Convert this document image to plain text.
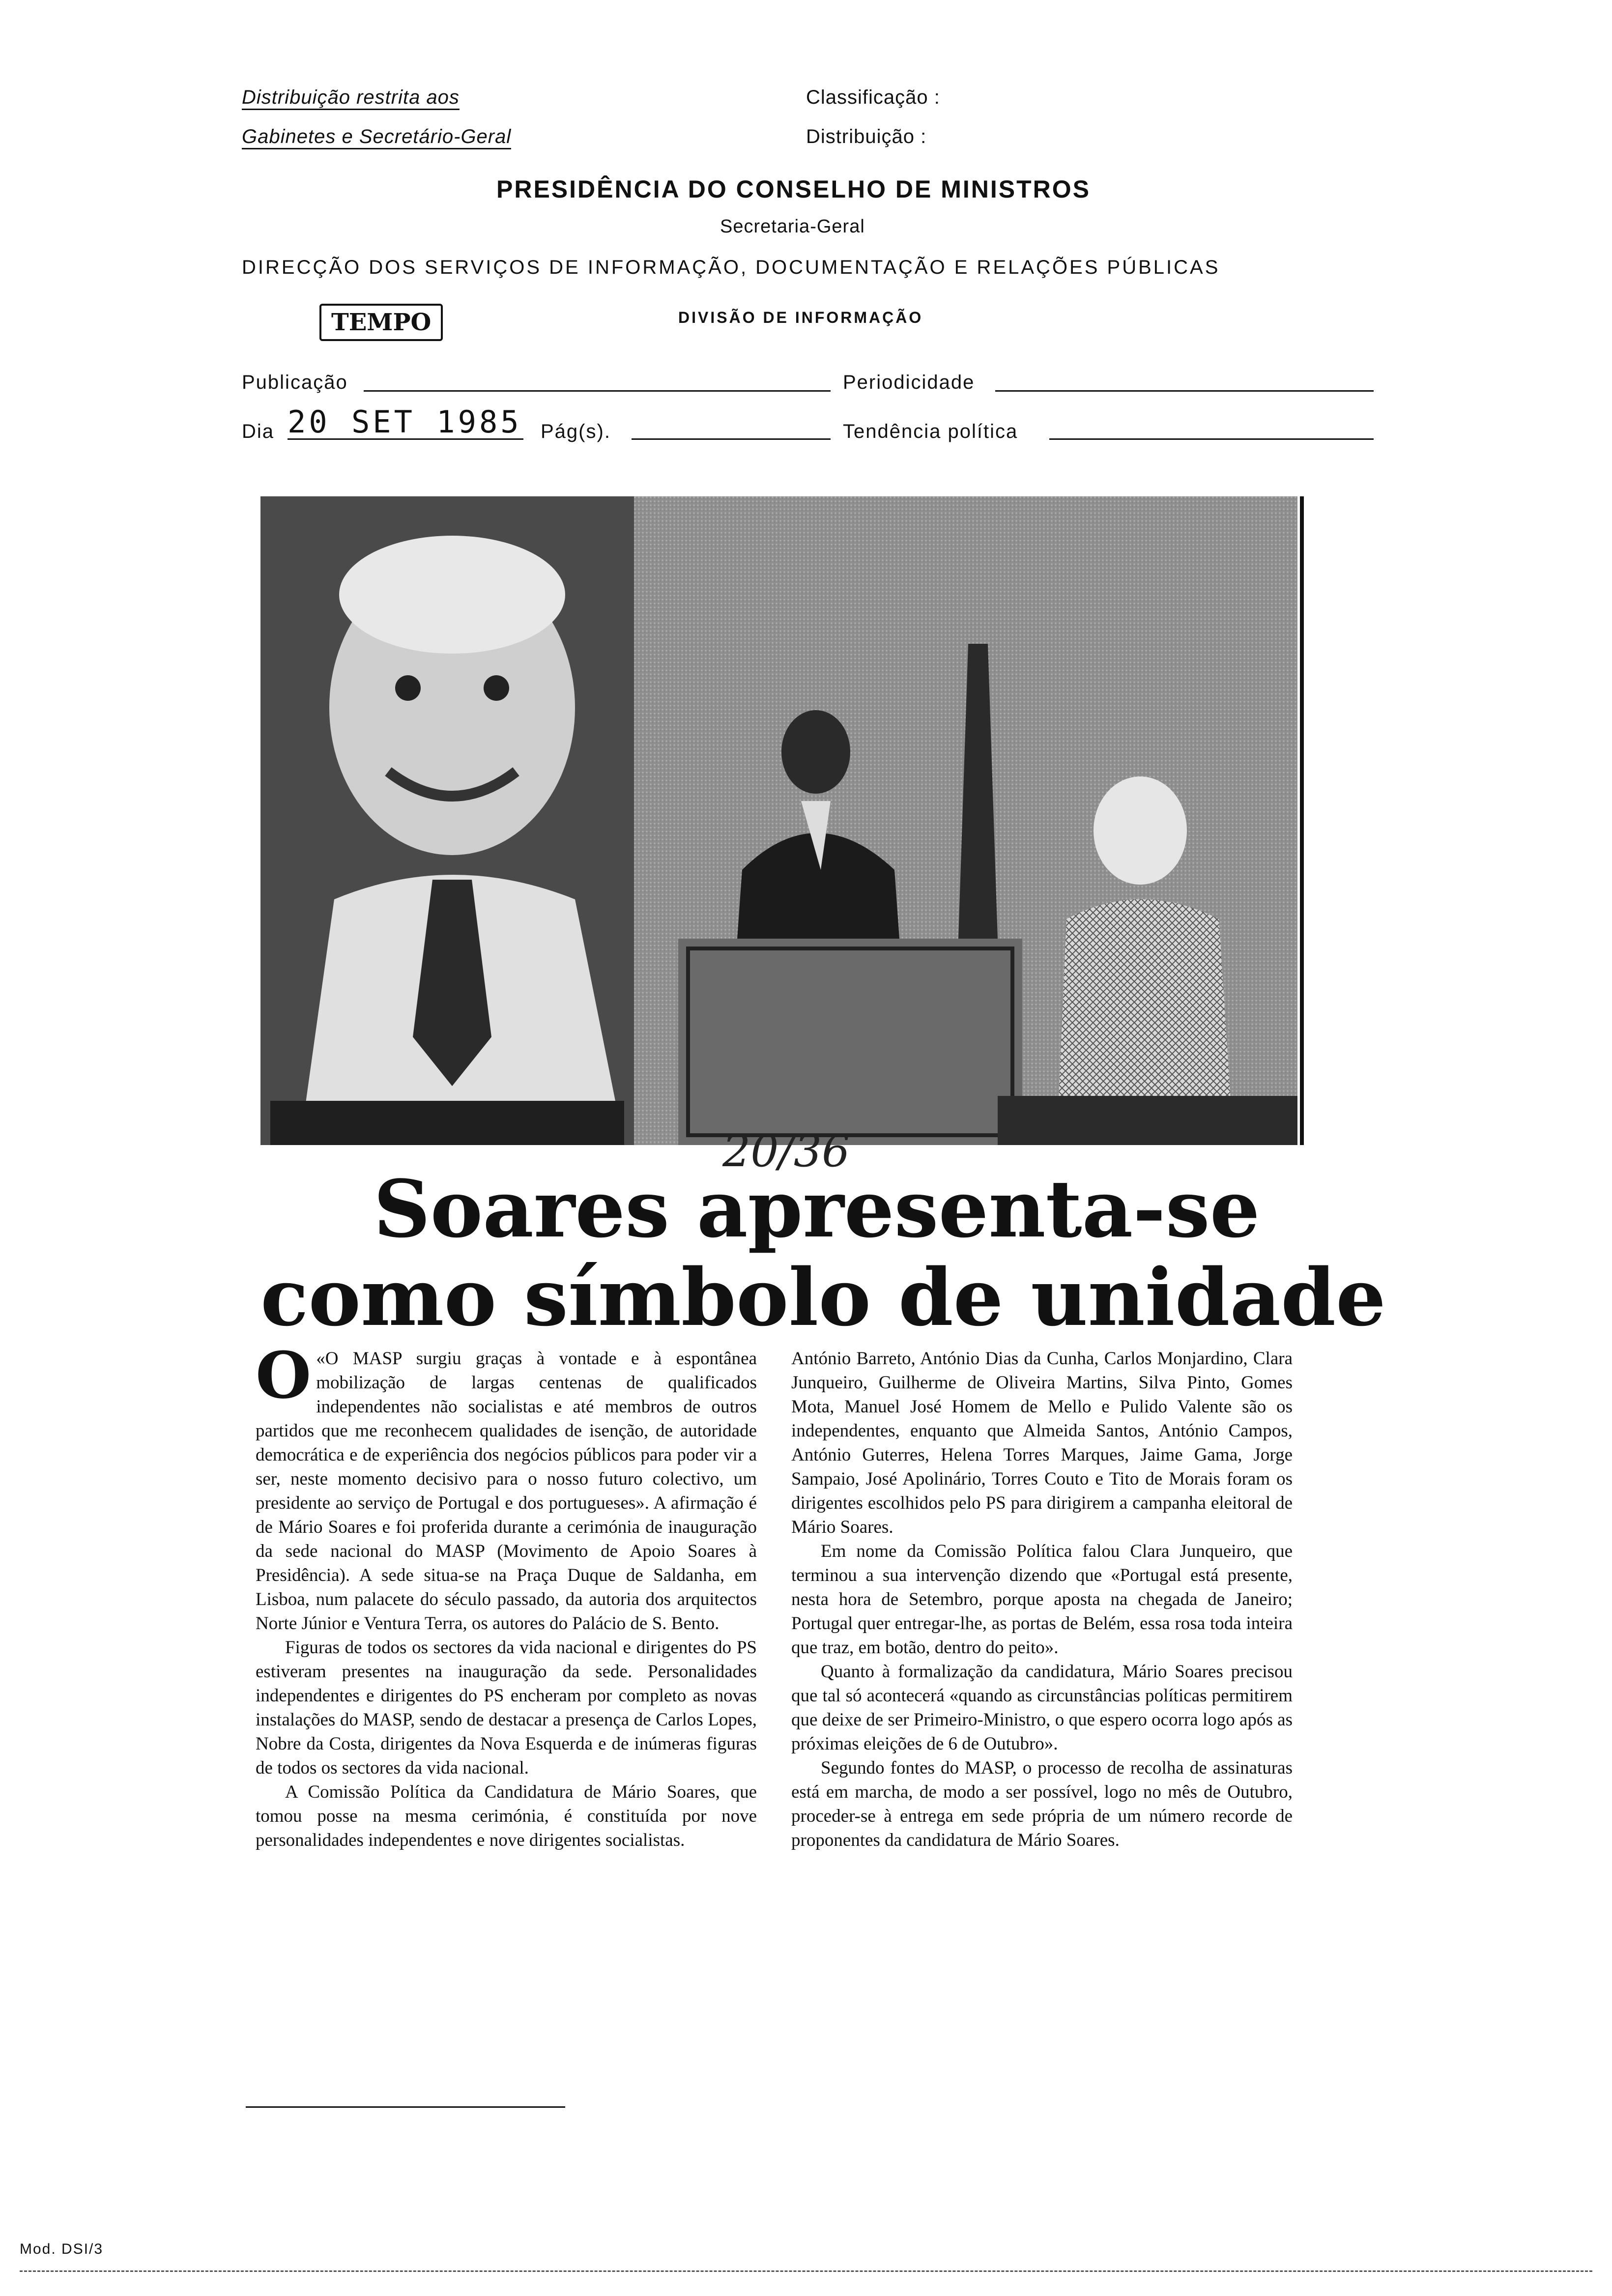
Distribuição restrita aos
Gabinetes e Secretário-Geral
Classificação :
Distribuição :
PRESIDÊNCIA DO CONSELHO DE MINISTROS
Secretaria-Geral
DIRECÇÃO DOS SERVIÇOS DE INFORMAÇÃO, DOCUMENTAÇÃO E RELAÇÕES PÚBLICAS
TEMPO	DIVISÃO DE INFORMAÇÃO
Publicação	Periodicidade
Dia 20 SET 1985 Pág(s).	Tendência política
20/36
Soares apresenta-se
como símbolo de unidade

O «O MASP surgiu graças à vontade e à espontânea mobilização de largas centenas de qualificados independentes não socialistas e até membros de outros partidos que me reconhecem qualidades de isenção, de autoridade democrática e de experiência dos negócios públicos para poder vir a ser, neste momento decisivo para o nosso futuro colectivo, um presidente ao serviço de Portugal e dos portugueses». A afirmação é de Mário Soares e foi proferida durante a cerimónia de inauguração da sede nacional do MASP (Movimento de Apoio Soares à Presidência). A sede situa-se na Praça Duque de Saldanha, em Lisboa, num palacete do século passado, da autoria dos arquitectos Norte Júnior e Ventura Terra, os autores do Palácio de S. Bento.

Figuras de todos os sectores da vida nacional e dirigentes do PS estiveram presentes na inauguração da sede. Personalidades independentes e dirigentes do PS encheram por completo as novas instalações do MASP, sendo de destacar a presença de Carlos Lopes, Nobre da Costa, dirigentes da Nova Esquerda e de inúmeras figuras de todos os sectores da vida nacional.

A Comissão Política da Candidatura de Mário Soares, que tomou posse na mesma cerimónia, é constituída por nove personalidades independentes e nove dirigentes socialistas.

António Barreto, António Dias da Cunha, Carlos Monjardino, Clara Junqueiro, Guilherme de Oliveira Martins, Silva Pinto, Gomes Mota, Manuel José Homem de Mello e Pulido Valente são os independentes, enquanto que Almeida Santos, António Campos, António Guterres, Helena Torres Marques, Jaime Gama, Jorge Sampaio, José Apolinário, Torres Couto e Tito de Morais foram os dirigentes escolhidos pelo PS para dirigirem a campanha eleitoral de Mário Soares.

Em nome da Comissão Política falou Clara Junqueiro, que terminou a sua intervenção dizendo que «Portugal está presente, nesta hora de Setembro, porque aposta na chegada de Janeiro; Portugal quer entregar-lhe, as portas de Belém, essa rosa toda inteira que traz, em botão, dentro do peito».

Quanto à formalização da candidatura, Mário Soares precisou que tal só acontecerá «quando as circunstâncias políticas permitirem que deixe de ser Primeiro-Ministro, o que espero ocorra logo após as próximas eleições de 6 de Outubro».

Segundo fontes do MASP, o processo de recolha de assinaturas está em marcha, de modo a ser possível, logo no mês de Outubro, proceder-se à entrega em sede própria de um número recorde de proponentes da candidatura de Mário Soares.

Mod. DSI/3
